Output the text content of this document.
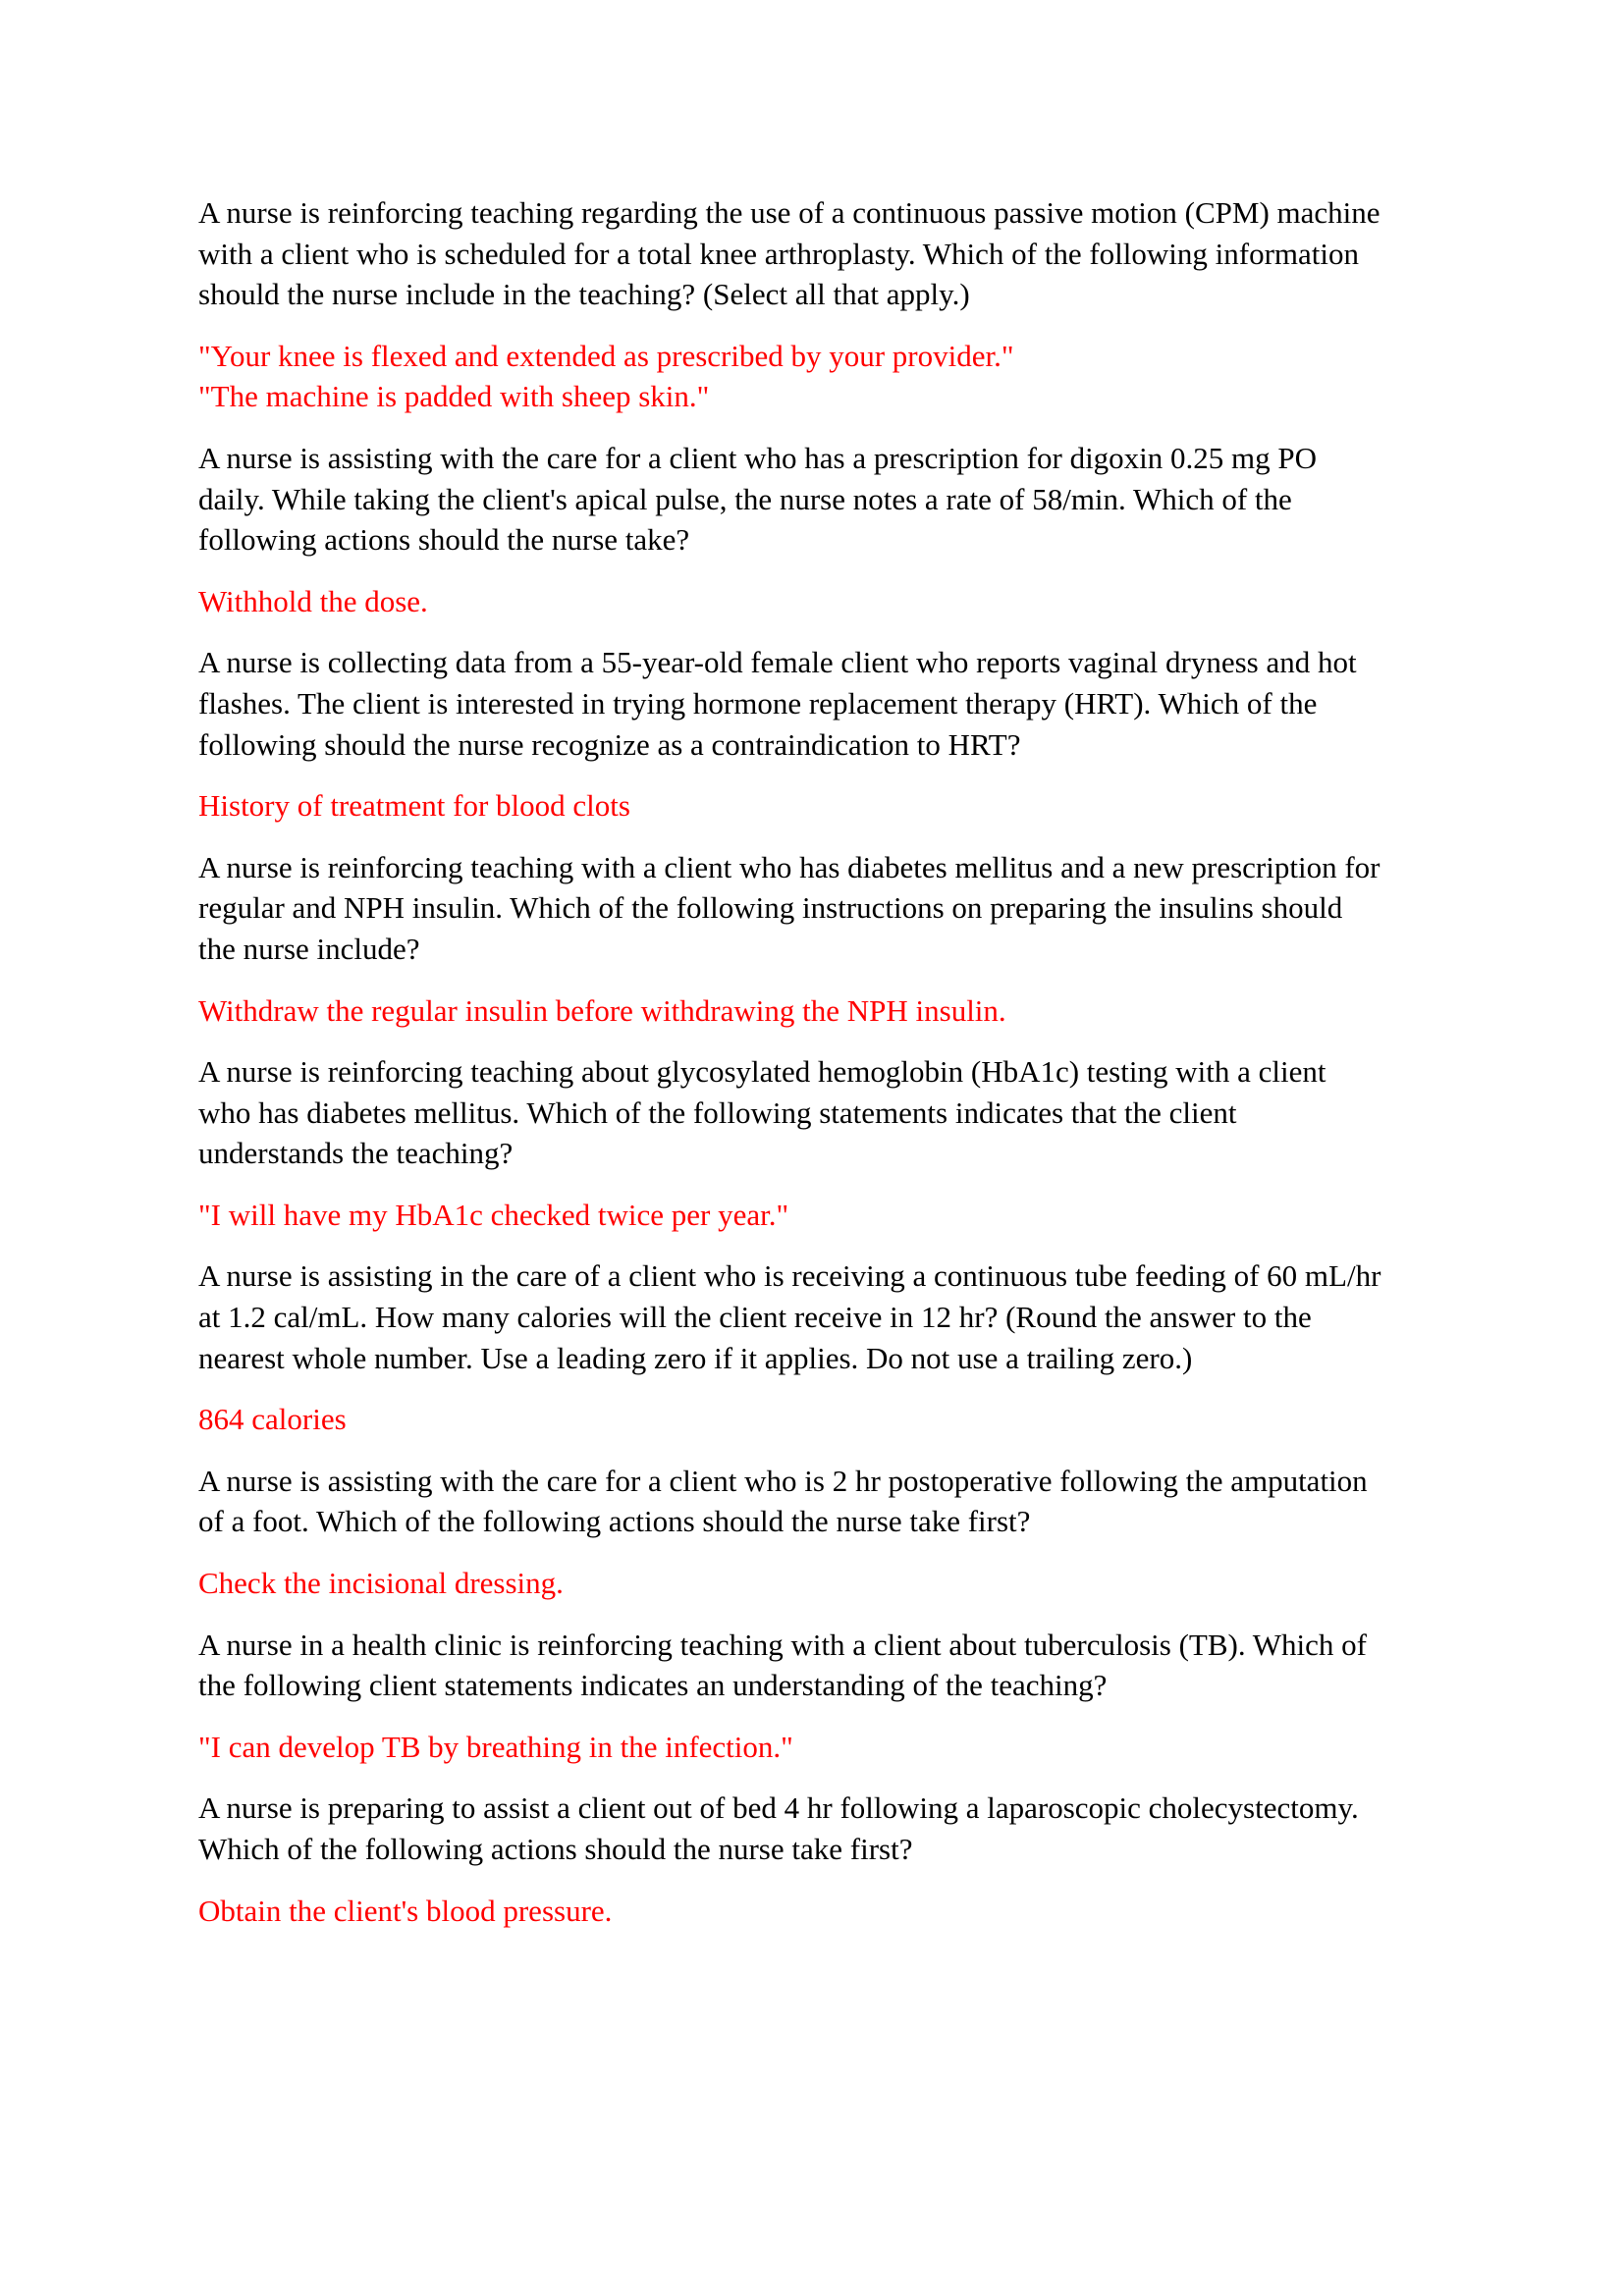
A nurse is reinforcing teaching regarding the use of a continuous passive motion (CPM) machine
with a client who is scheduled for a total knee arthroplasty. Which of the following information
should the nurse include in the teaching? (Select all that apply.)
"Your knee is flexed and extended as prescribed by your provider."
"The machine is padded with sheep skin."
A nurse is assisting with the care for a client who has a prescription for digoxin 0.25 mg PO
daily. While taking the client's apical pulse, the nurse notes a rate of 58/min. Which of the
following actions should the nurse take?
Withhold the dose.
A nurse is collecting data from a 55-year-old female client who reports vaginal dryness and hot
flashes. The client is interested in trying hormone replacement therapy (HRT). Which of the
following should the nurse recognize as a contraindication to HRT?
History of treatment for blood clots
A nurse is reinforcing teaching with a client who has diabetes mellitus and a new prescription for
regular and NPH insulin. Which of the following instructions on preparing the insulins should
the nurse include?
Withdraw the regular insulin before withdrawing the NPH insulin.
A nurse is reinforcing teaching about glycosylated hemoglobin (HbA1c) testing with a client
who has diabetes mellitus. Which of the following statements indicates that the client
understands the teaching?
"I will have my HbA1c checked twice per year."
A nurse is assisting in the care of a client who is receiving a continuous tube feeding of 60 mL/hr
at 1.2 cal/mL. How many calories will the client receive in 12 hr? (Round the answer to the
nearest whole number. Use a leading zero if it applies. Do not use a trailing zero.)
864 calories
A nurse is assisting with the care for a client who is 2 hr postoperative following the amputation
of a foot. Which of the following actions should the nurse take first?
Check the incisional dressing.
A nurse in a health clinic is reinforcing teaching with a client about tuberculosis (TB). Which of
the following client statements indicates an understanding of the teaching?
"I can develop TB by breathing in the infection."
A nurse is preparing to assist a client out of bed 4 hr following a laparoscopic cholecystectomy.
Which of the following actions should the nurse take first?
Obtain the client's blood pressure.
